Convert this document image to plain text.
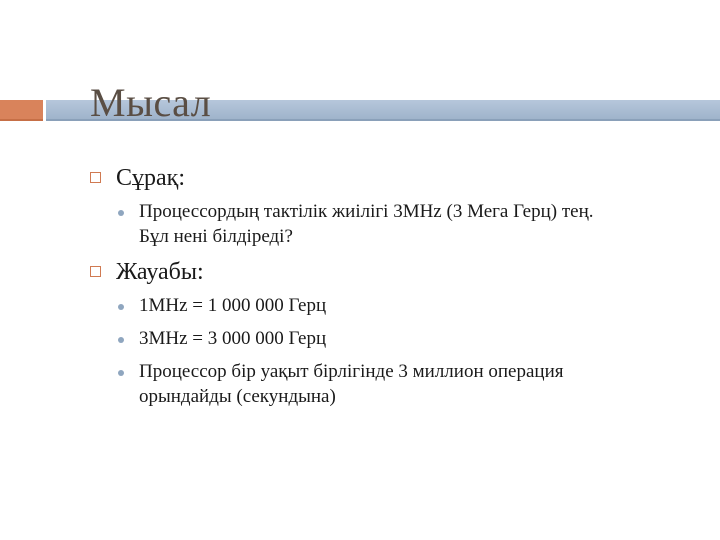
Мысал
Сұрақ:
Процессордың тактілік жиілігі 3MHz (3 Мега Герц) тең. Бұл нені білдіреді?
Жауабы:
1MHz = 1 000 000 Герц
3MHz = 3 000 000 Герц
Процессор бір уақыт бірлігінде 3 миллион операция орындайды (секундына)
